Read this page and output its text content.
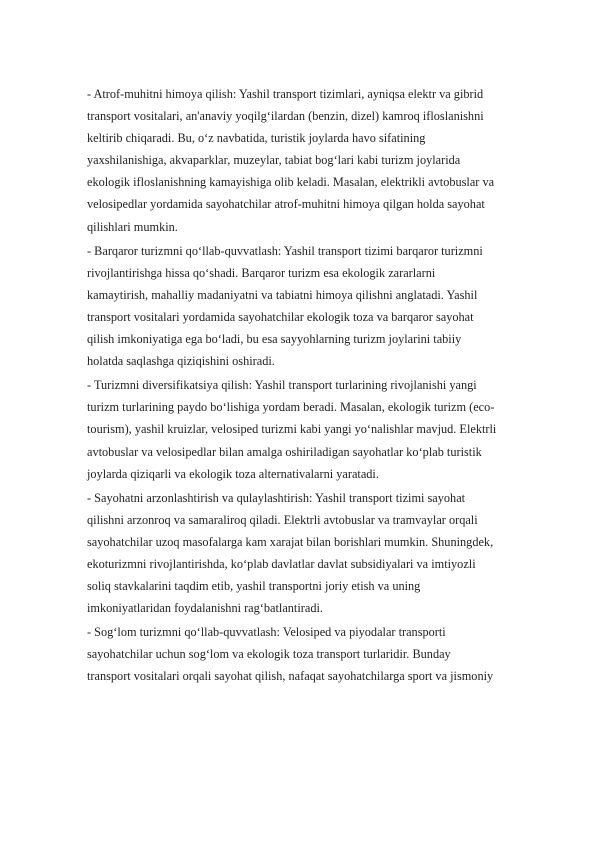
- Atrof-muhitni himoya qilish: Yashil transport tizimlari, ayniqsa elektr va gibrid
transport vositalari, an'anaviy yoqilg‘ilardan (benzin, dizel) kamroq ifloslanishni
keltirib chiqaradi. Bu, o‘z navbatida, turistik joylarda havo sifatining
yaxshilanishiga, akvaparklar, muzeylar, tabiat bog‘lari kabi turizm joylarida
ekologik ifloslanishning kamayishiga olib keladi. Masalan, elektrikli avtobuslar va
velosipedlar yordamida sayohatchilar atrof-muhitni himoya qilgan holda sayohat
qilishlari mumkin.
- Barqaror turizmni qo‘llab-quvvatlash: Yashil transport tizimi barqaror turizmni
rivojlantirishga hissa qo‘shadi. Barqaror turizm esa ekologik zararlarni
kamaytirish, mahalliy madaniyatni va tabiatni himoya qilishni anglatadi. Yashil
transport vositalari yordamida sayohatchilar ekologik toza va barqaror sayohat
qilish imkoniyatiga ega bo‘ladi, bu esa sayyohlarning turizm joylarini tabiiy
holatda saqlashga qiziqishini oshiradi.
- Turizmni diversifikatsiya qilish: Yashil transport turlarining rivojlanishi yangi
turizm turlarining paydo bo‘lishiga yordam beradi. Masalan, ekologik turizm (eco-
tourism), yashil kruizlar, velosiped turizmi kabi yangi yo‘nalishlar mavjud. Elektrli
avtobuslar va velosipedlar bilan amalga oshiriladigan sayohatlar ko‘plab turistik
joylarda qiziqarli va ekologik toza alternativalarni yaratadi.
- Sayohatni arzonlashtirish va qulaylashtirish: Yashil transport tizimi sayohat
qilishni arzonroq va samaraliroq qiladi. Elektrli avtobuslar va tramvaylar orqali
sayohatchilar uzoq masofalarga kam xarajat bilan borishlari mumkin. Shuningdek,
ekoturizmni rivojlantirishda, ko‘plab davlatlar davlat subsidiyalari va imtiyozli
soliq stavkalarini taqdim etib, yashil transportni joriy etish va uning
imkoniyatlaridan foydalanishni rag‘batlantiradi.
- Sog‘lom turizmni qo‘llab-quvvatlash: Velosiped va piyodalar transporti
sayohatchilar uchun sog‘lom va ekologik toza transport turlaridir. Bunday
transport vositalari orqali sayohat qilish, nafaqat sayohatchilarga sport va jismoniy
